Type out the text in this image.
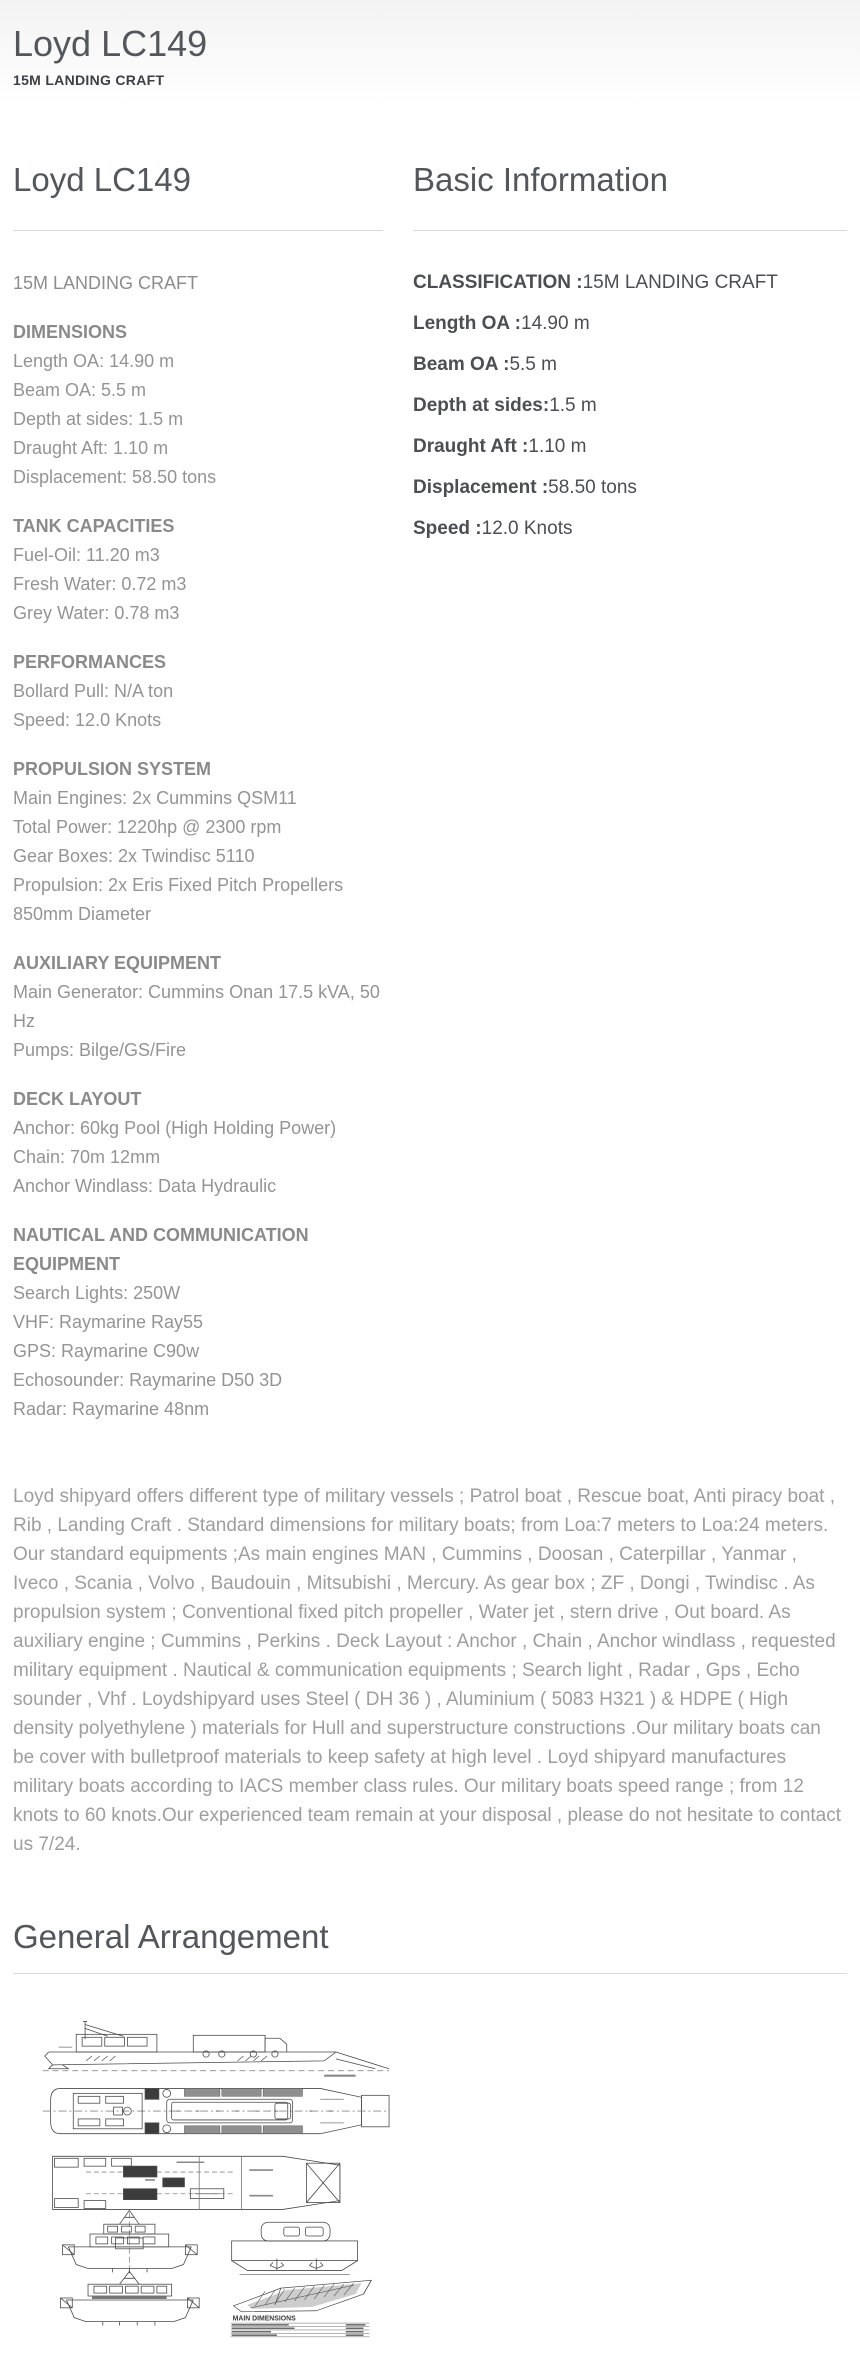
Loyd LC149
15M LANDING CRAFT
Loyd LC149
15M LANDING CRAFT
DIMENSIONS
Length OA: 14.90 m
Beam OA: 5.5 m
Depth at sides: 1.5 m
Draught Aft: 1.10 m
Displacement: 58.50 tons
TANK CAPACITIES
Fuel-Oil: 11.20 m3
Fresh Water: 0.72 m3
Grey Water: 0.78 m3
PERFORMANCES
Bollard Pull: N/A ton
Speed: 12.0 Knots
PROPULSION SYSTEM
Main Engines: 2x Cummins QSM11
Total Power: 1220hp @ 2300 rpm
Gear Boxes: 2x Twindisc 5110
Propulsion: 2x Eris Fixed Pitch Propellers 850mm Diameter
AUXILIARY EQUIPMENT
Main Generator: Cummins Onan 17.5 kVA, 50 Hz
Pumps: Bilge/GS/Fire
DECK LAYOUT
Anchor: 60kg Pool (High Holding Power)
Chain: 70m 12mm
Anchor Windlass: Data Hydraulic
NAUTICAL AND COMMUNICATION EQUIPMENT
Search Lights: 250W
VHF: Raymarine Ray55
GPS: Raymarine C90w
Echosounder: Raymarine D50 3D
Radar: Raymarine 48nm
Basic Information

CLASSIFICATION :15M LANDING CRAFT

Length OA :14.90 m

Beam OA :5.5 m

Depth at sides:1.5 m

Draught Aft :1.10 m

Displacement :58.50 tons

Speed :12.0 Knots

Loyd shipyard offers different type of military vessels ; Patrol boat , Rescue boat, Anti piracy boat , Rib , Landing Craft . Standard dimensions for military boats; from Loa:7 meters to Loa:24 meters. Our standard equipments ;As main engines MAN , Cummins , Doosan , Caterpillar , Yanmar , Iveco , Scania , Volvo , Baudouin , Mitsubishi , Mercury. As gear box ; ZF , Dongi , Twindisc . As propulsion system ; Conventional fixed pitch propeller , Water jet , stern drive , Out board. As auxiliary engine ; Cummins , Perkins . Deck Layout : Anchor , Chain , Anchor windlass , requested military equipment . Nautical & communication equipments ; Search light , Radar , Gps , Echo sounder , Vhf . Loydshipyard uses Steel ( DH 36 ) , Aluminium ( 5083 H321 ) & HDPE ( High density polyethylene ) materials for Hull and superstructure constructions .Our military boats can be cover with bulletproof materials to keep safety at high level . Loyd shipyard manufactures military boats according to IACS member class rules. Our military boats speed range ; from 12 knots to 60 knots.Our experienced team remain at your disposal , please do not hesitate to contact us 7/24.

General Arrangement
MAIN DIMENSIONS
